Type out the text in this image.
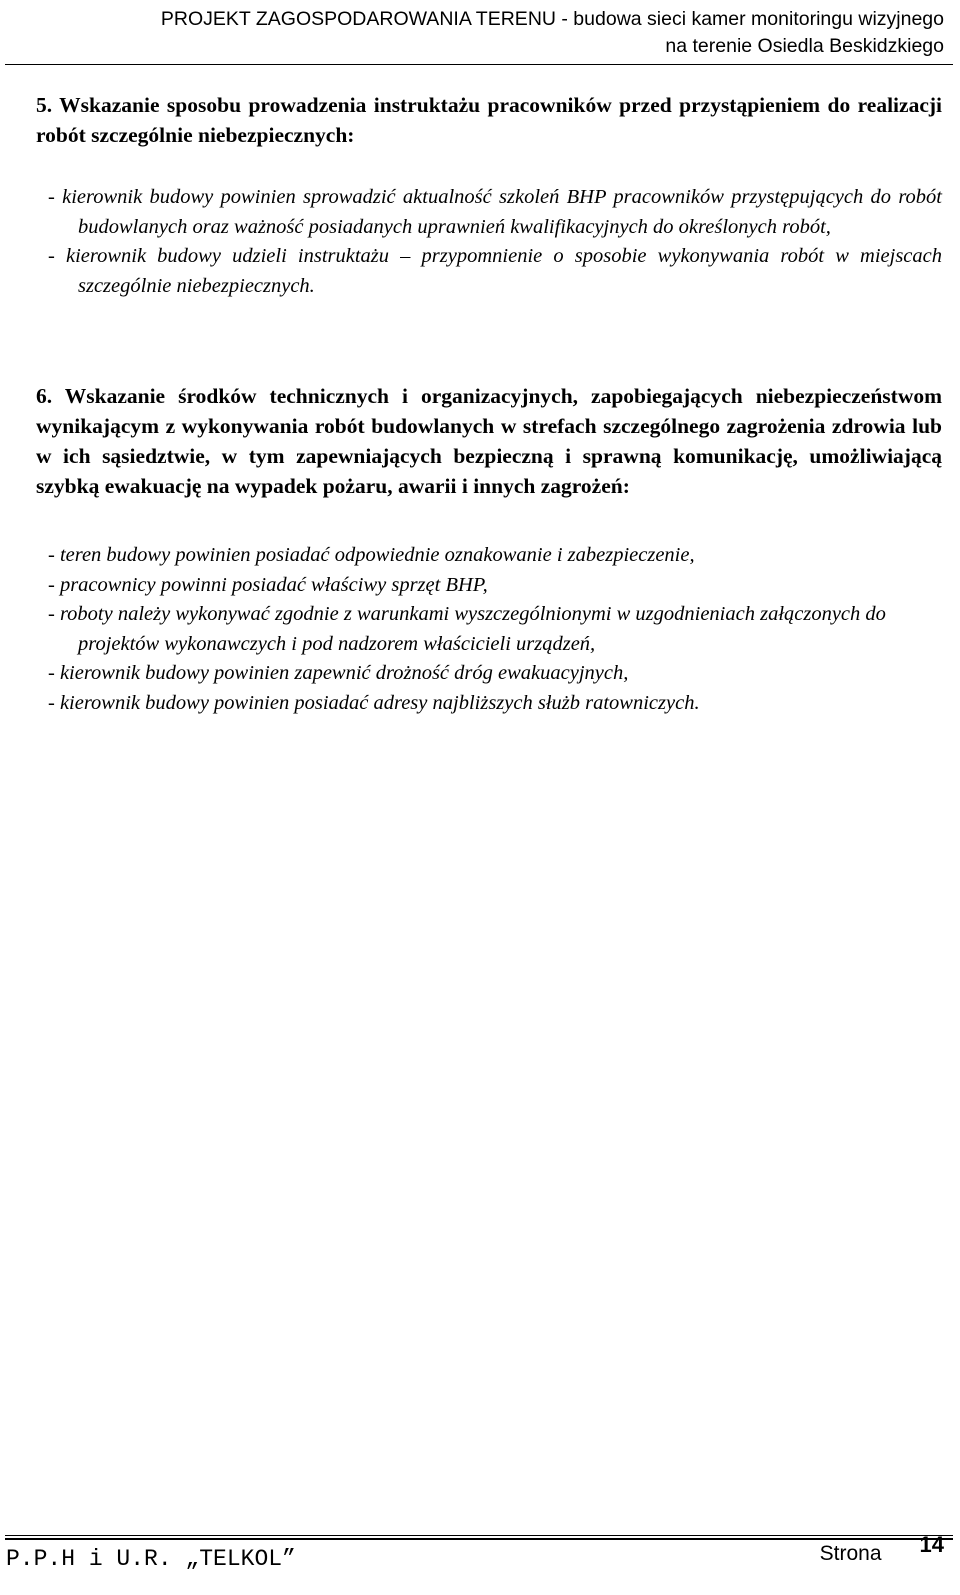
PROJEKT ZAGOSPODAROWANIA TERENU - budowa sieci kamer monitoringu wizyjnego
na terenie Osiedla Beskidzkiego

5. Wskazanie sposobu prowadzenia instruktażu pracowników przed przystąpieniem do realizacji robót szczególnie niebezpiecznych:

- kierownik budowy powinien sprowadzić aktualność szkoleń BHP pracowników przystępujących do robót budowlanych oraz ważność posiadanych uprawnień kwalifikacyjnych do określonych robót,
- kierownik budowy udzieli instruktażu – przypomnienie o sposobie wykonywania robót w miejscach szczególnie niebezpiecznych.

6. Wskazanie środków technicznych i organizacyjnych, zapobiegających niebezpieczeństwom wynikającym z wykonywania robót budowlanych w strefach szczególnego zagrożenia zdrowia lub w ich sąsiedztwie, w tym zapewniających bezpieczną i sprawną komunikację, umożliwiającą szybką ewakuację na wypadek pożaru, awarii i innych zagrożeń:

- teren budowy powinien posiadać odpowiednie oznakowanie i zabezpieczenie,
- pracownicy powinni posiadać właściwy sprzęt BHP,
- roboty należy wykonywać zgodnie z warunkami wyszczególnionymi w uzgodnieniach załączonych do projektów wykonawczych i pod nadzorem właścicieli urządzeń,
- kierownik budowy powinien zapewnić drożność dróg ewakuacyjnych,
- kierownik budowy powinien posiadać adresy najbliższych służb ratowniczych.
P.P.H i U.R. „TELKOL”	Strona 14
